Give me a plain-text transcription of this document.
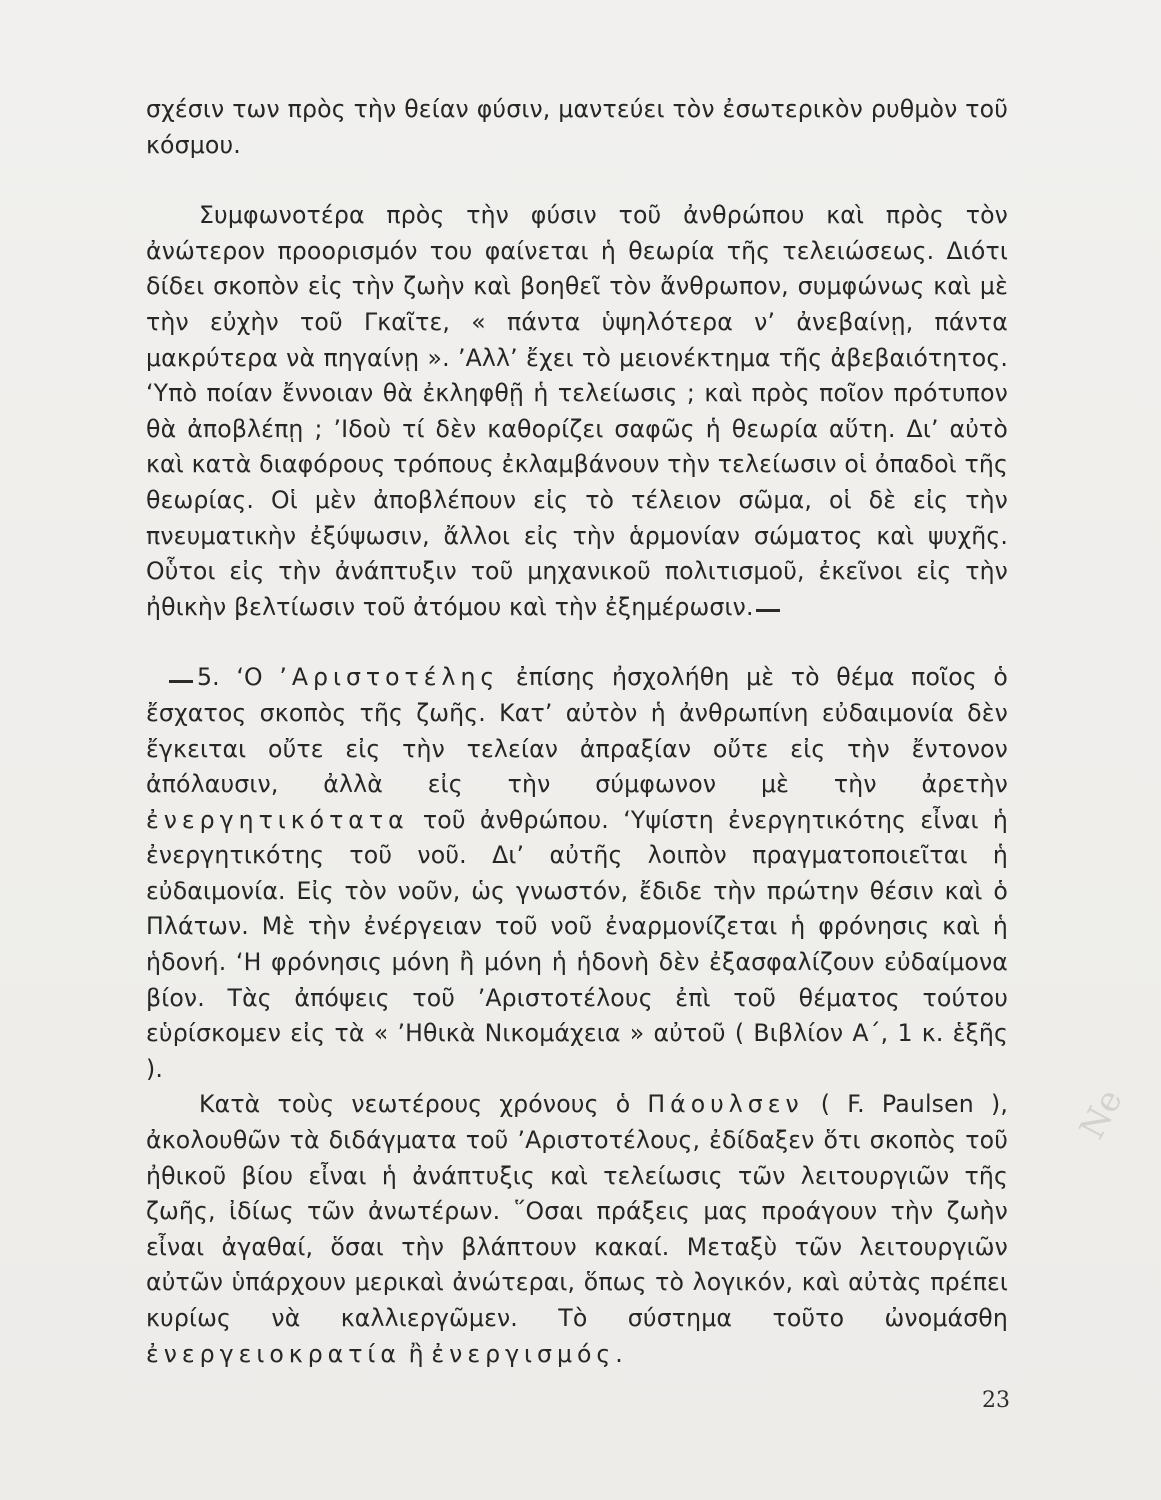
σχέσιν των πρὸς τὴν θείαν φύσιν, μαντεύει τὸν ἐσωτερικὸν ρυθμὸν τοῦ κόσμου.

Συμφωνοτέρα πρὸς τὴν φύσιν τοῦ ἀνθρώπου καὶ πρὸς τὸν ἀνώτερον προορισμόν του φαίνεται ἡ θεωρία τῆς τελειώσεως. Διότι δίδει σκοπὸν εἰς τὴν ζωὴν καὶ βοηθεῖ τὸν ἄνθρωπον, συμφώνως καὶ μὲ τὴν εὐχὴν τοῦ Γκαῖτε, « πάντα ὑψηλότερα ν’ ἀνεβαίνῃ, πάντα μακρύτερα νὰ πηγαίνῃ ». ’Αλλ’ ἔχει τὸ μειονέκτημα τῆς ἀβεβαιότητος. ‘Υπὸ ποίαν ἔννοιαν θὰ ἐκληφθῇ ἡ τελείωσις ; καὶ πρὸς ποῖον πρότυπον θὰ ἀποβλέπῃ ; ’Ιδοὺ τί δὲν καθορίζει σαφῶς ἡ θεωρία αὕτη. Δι’ αὐτὸ καὶ κατὰ διαφόρους τρόπους ἐκλαμβάνουν τὴν τελείωσιν οἱ ὀπαδοὶ τῆς θεωρίας. Οἱ μὲν ἀποβλέπουν εἰς τὸ τέλειον σῶμα, οἱ δὲ εἰς τὴν πνευματικὴν ἐξύψωσιν, ἄλλοι εἰς τὴν ἁρμονίαν σώματος καὶ ψυχῆς. Οὗτοι εἰς τὴν ἀνάπτυξιν τοῦ μηχανικοῦ πολιτισμοῦ, ἐκεῖνοι εἰς τὴν ἠθικὴν βελτίωσιν τοῦ ἀτόμου καὶ τὴν ἐξημέρωσιν.

5. ‘Ο ’Αριστοτέλης ἐπίσης ἠσχολήθη μὲ τὸ θέμα ποῖος ὁ ἔσχατος σκοπὸς τῆς ζωῆς. Κατ’ αὐτὸν ἡ ἀνθρωπίνη εὐδαιμονία δὲν ἔγκειται οὔτε εἰς τὴν τελείαν ἀπραξίαν οὔτε εἰς τὴν ἔντονον ἀπόλαυσιν, ἀλλὰ εἰς τὴν σύμφωνον μὲ τὴν ἀρετὴν ἐνεργητικότατα τοῦ ἀνθρώπου. ‘Υψίστη ἐνεργητικότης εἶναι ἡ ἐνεργητικότης τοῦ νοῦ. Δι’ αὐτῆς λοιπὸν πραγματοποιεῖται ἡ εὐδαιμονία. Εἰς τὸν νοῦν, ὡς γνωστόν, ἔδιδε τὴν πρώτην θέσιν καὶ ὁ Πλάτων. Μὲ τὴν ἐνέργειαν τοῦ νοῦ ἐναρμονίζεται ἡ φρόνησις καὶ ἡ ἡδονή. ‘Η φρόνησις μόνη ἢ μόνη ἡ ἡδονὴ δὲν ἐξασφαλίζουν εὐδαίμονα βίον. Τὰς ἀπόψεις τοῦ ’Αριστοτέλους ἐπὶ τοῦ θέματος τούτου εὑρίσκομεν εἰς τὰ « ’Ηθικὰ Νικομάχεια » αὐτοῦ ( Βιβλίον Α΄, 1 κ. ἑξῆς ).

Κατὰ τοὺς νεωτέρους χρόνους ὁ Πάουλσεν ( F. Paulsen ), ἀκολουθῶν τὰ διδάγματα τοῦ ’Αριστοτέλους, ἐδίδαξεν ὅτι σκοπὸς τοῦ ἠθικοῦ βίου εἶναι ἡ ἀνάπτυξις καὶ τελείωσις τῶν λειτουργιῶν τῆς ζωῆς, ἰδίως τῶν ἀνωτέρων. ῞Οσαι πράξεις μας προάγουν τὴν ζωὴν εἶναι ἀγαθαί, ὅσαι τὴν βλάπτουν κακαί. Μεταξὺ τῶν λειτουργιῶν αὐτῶν ὑπάρχουν μερικαὶ ἀνώτεραι, ὅπως τὸ λογικόν, καὶ αὐτὰς πρέπει κυρίως νὰ καλλιεργῶμεν. Τὸ σύστημα τοῦτο ὠνομάσθη ἐνεργειοκρατία ἢ ἐνεργισμός.

23
Ne
